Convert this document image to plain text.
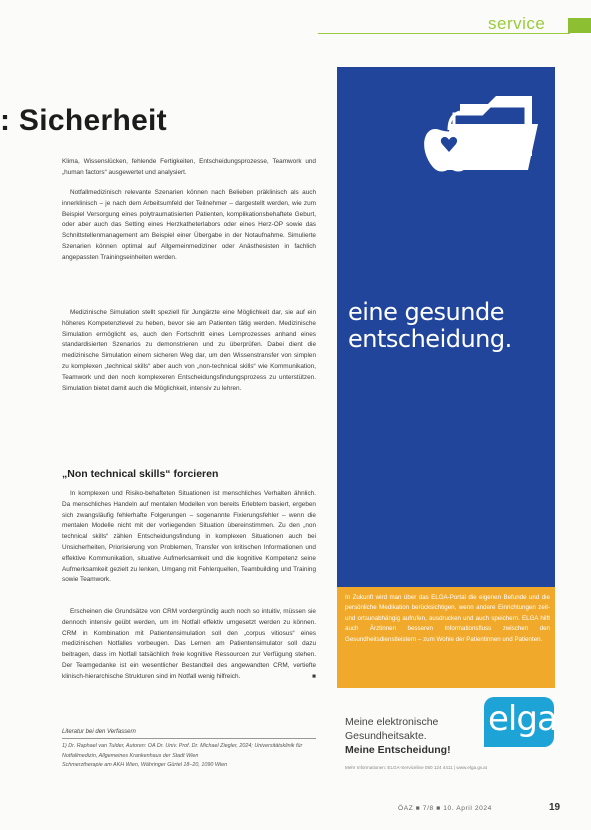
service
: Sicherheit

Klima, Wissenslücken, fehlende Fertigkeiten, Entscheidungsprozesse, Teamwork und „human factors“ ausgewertet und analysiert.

Notfallmedizinisch relevante Szenarien können nach Belieben präklinisch als auch innerklinisch – je nach dem Arbeitsumfeld der Teilnehmer – dargestellt werden, wie zum Beispiel Versorgung eines polytraumatisierten Patienten, komplikationsbehaftete Geburt, oder aber auch das Setting eines Herzkatheterlabors oder eines Herz-OP sowie das Schnittstellenmanagement am Beispiel einer Übergabe in der Notaufnahme. Simulierte Szenarien können optimal auf Allgemeinmediziner oder Anästhesisten in fachlich angepassten Trainingseinheiten werden.

Medizinische Simulation stellt speziell für Jungärzte eine Möglichkeit dar, sie auf ein höheres Kompetenzlevel zu heben, bevor sie am Patienten tätig werden. Medizinische Simulation ermöglicht es, auch den Fortschritt eines Lernprozesses anhand eines standardisierten Szenarios zu demonstrieren und zu überprüfen. Dabei dient die medizinische Simulation einem sicheren Weg dar, um den Wissenstransfer von simplen zu komplexen „technical skills“ aber auch von „non-technical skills“ wie Kommunikation, Teamwork und den noch komplexeren Entscheidungsfindungsprozess zu unterstützen. Simulation bietet damit auch die Möglichkeit, intensiv zu lehren.

„Non technical skills“ forcieren

In komplexen und Risiko-behafteten Situationen ist menschliches Verhalten ähnlich. Da menschliches Handeln auf mentalen Modellen von bereits Erlebtem basiert, ergeben sich zwangsläufig fehlerhafte Folgerungen – sogenannte Fixierungsfehler – wenn die mentalen Modelle nicht mit der vorliegenden Situation übereinstimmen. Zu den „non technical skills“ zählen Entscheidungsfindung in komplexen Situationen auch bei Unsicherheiten, Priorisierung von Problemen, Transfer von kritischen Informationen und effektive Kommunikation, situative Aufmerksamkeit und die kognitive Kompetenz seine Aufmerksamkeit gezielt zu lenken, Umgang mit Fehlerquellen, Teambuilding und Training sowie Teamwork.

Erscheinen die Grundsätze von CRM vordergründig auch noch so intuitiv, müssen sie dennoch intensiv geübt werden, um im Notfall effektiv umgesetzt werden zu können. CRM in Kombination mit Patientensimulation soll den „corpus vitiosus“ eines medizinischen Notfalles vorbeugen. Das Lernen am Patientensimulator soll dazu beitragen, dass im Notfall tatsächlich freie kognitive Ressourcen zur Verfügung stehen. Der Teamgedanke ist ein wesentlicher Bestandteil des angewandten CRM, vertiefte klinisch-hierarchische Strukturen sind im Notfall wenig hilfreich.	■

Literatur bei den Verfassern

1) Dr. Raphael van Tulder, Autoren: OA Dr. Univ. Prof. Dr. Michael Ziegler, 2024; Universitätsklinik für Notfallmedizin, Allgemeines Krankenhaus der Stadt Wien

Schmerztherapie am AKH Wien, Währinger Gürtel 18–20, 1090 Wien

eine gesunde
entscheidung.
In Zukunft wird man über das ELGA-Portal die eigenen Befunde und die persönliche Medikation berücksichtigen, wenn andere Einrichtungen zeit- und ortsunabhängig aufrufen, ausdrucken und auch speichern. ELGA hilft auch Ärztinnen besseren Informationsfluss zwischen den Gesundheitsdienstleistern – zum Wohle der Patientinnen und Patienten.
Meine elektronische
Gesundheitsakte.
Meine Entscheidung!
elga
Mehr Informationen: ELGA-Serviceline 050 124 4411 | www.elga.gv.at
ÖAZ ■ 7/8 ■ 10. April 2024	19
